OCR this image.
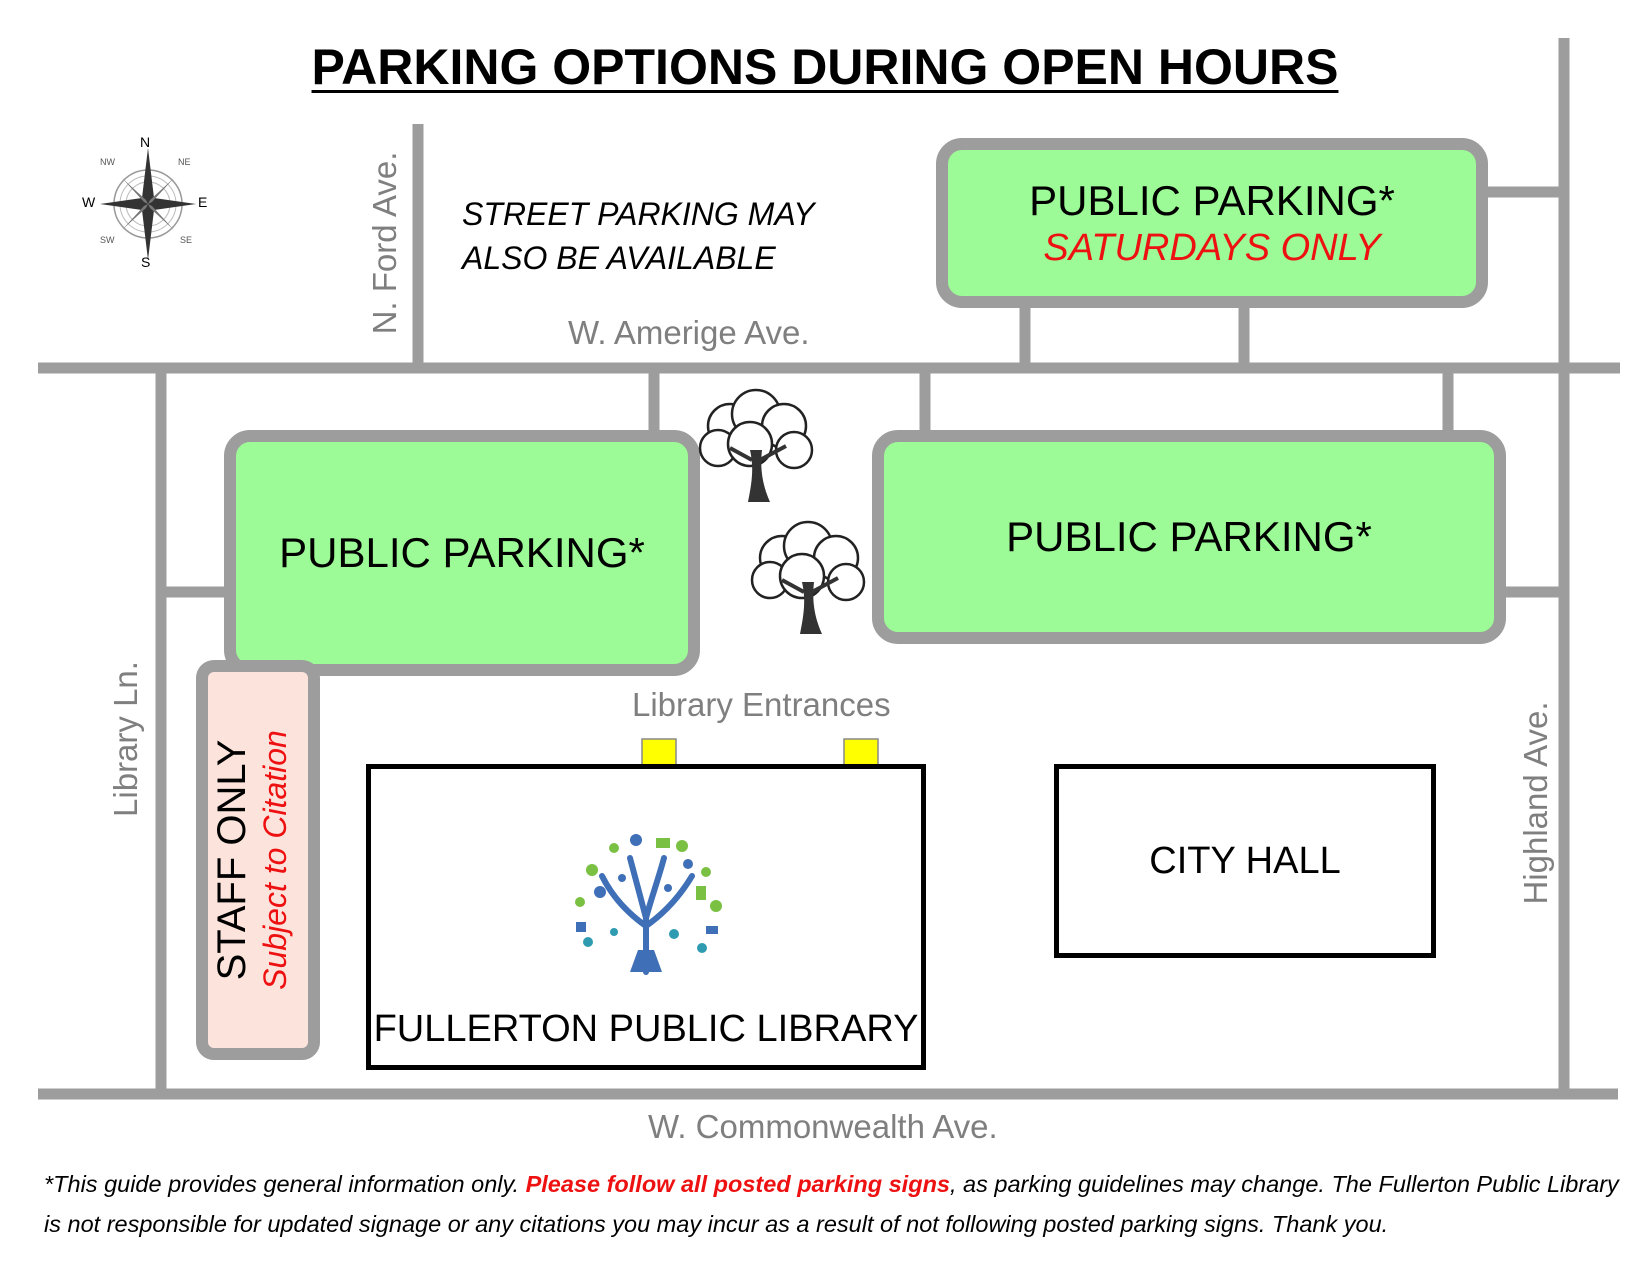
PARKING OPTIONS DURING OPEN HOURS
N
S
E
W
NW	NE
SW	SE	N. Ford Ave.	W. Amerige Ave.
Library Ln.	Highland Ave.
W. Commonwealth Ave.
STREET PARKING MAY
ALSO BE AVAILABLE
PUBLIC PARKING*
SATURDAYS ONLY
PUBLIC PARKING*	PUBLIC PARKING*
STAFF ONLY Subject to Citation
Library Entrances
FULLERTON PUBLIC LIBRARY
CITY HALL
*This guide provides general information only. Please follow all posted parking signs, as parking guidelines may change. The Fullerton Public Library is not responsible for updated signage or any citations you may incur as a result of not following posted parking signs. Thank you.
